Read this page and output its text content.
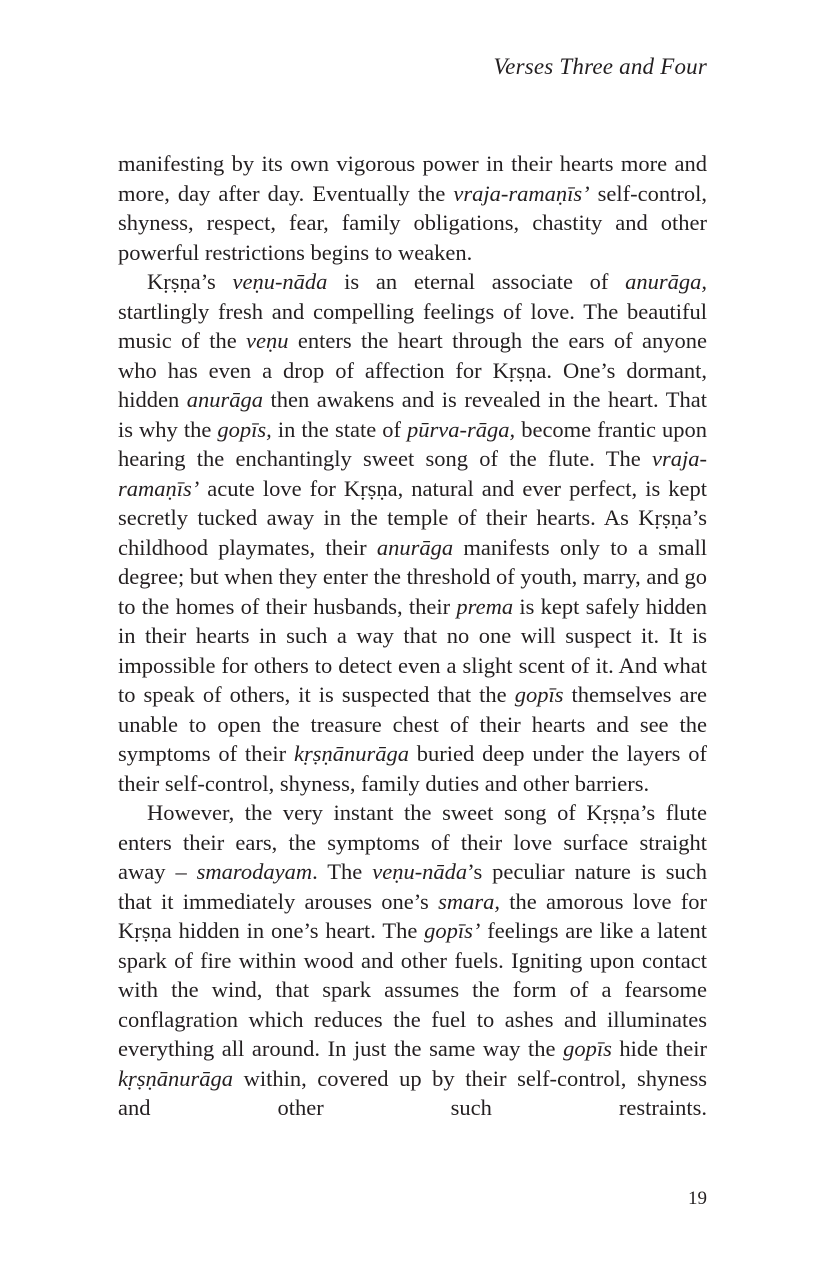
Verses Three and Four

manifesting by its own vigorous power in their hearts more and more, day after day. Eventually the vraja-ramaṇīs’ self-control, shyness, respect, fear, family obligations, chastity and other powerful restrictions begins to weaken.

Kṛṣṇa’s veṇu-nāda is an eternal associate of anurāga, startlingly fresh and compelling feelings of love. The beautiful music of the veṇu enters the heart through the ears of anyone who has even a drop of affection for Kṛṣṇa. One’s dormant, hidden anurāga then awakens and is revealed in the heart. That is why the gopīs, in the state of pūrva-rāga, become frantic upon hearing the enchantingly sweet song of the flute. The vraja-ramaṇīs’ acute love for Kṛṣṇa, natural and ever perfect, is kept secretly tucked away in the temple of their hearts. As Kṛṣṇa’s childhood playmates, their anurāga manifests only to a small degree; but when they enter the threshold of youth, marry, and go to the homes of their husbands, their prema is kept safely hidden in their hearts in such a way that no one will suspect it. It is impossible for others to detect even a slight scent of it. And what to speak of others, it is suspected that the gopīs themselves are unable to open the treasure chest of their hearts and see the symptoms of their kṛṣṇānurāga buried deep under the layers of their self-control, shyness, family duties and other barriers.

However, the very instant the sweet song of Kṛṣṇa’s flute enters their ears, the symptoms of their love surface straight away – smarodayam. The veṇu-nāda’s peculiar nature is such that it immediately arouses one’s smara, the amorous love for Kṛṣṇa hidden in one’s heart. The gopīs’ feelings are like a latent spark of fire within wood and other fuels. Igniting upon contact with the wind, that spark assumes the form of a fearsome conflagration which reduces the fuel to ashes and illuminates everything all around. In just the same way the gopīs hide their kṛṣṇānurāga within, covered up by their self-control, shyness and other such restraints.

19
